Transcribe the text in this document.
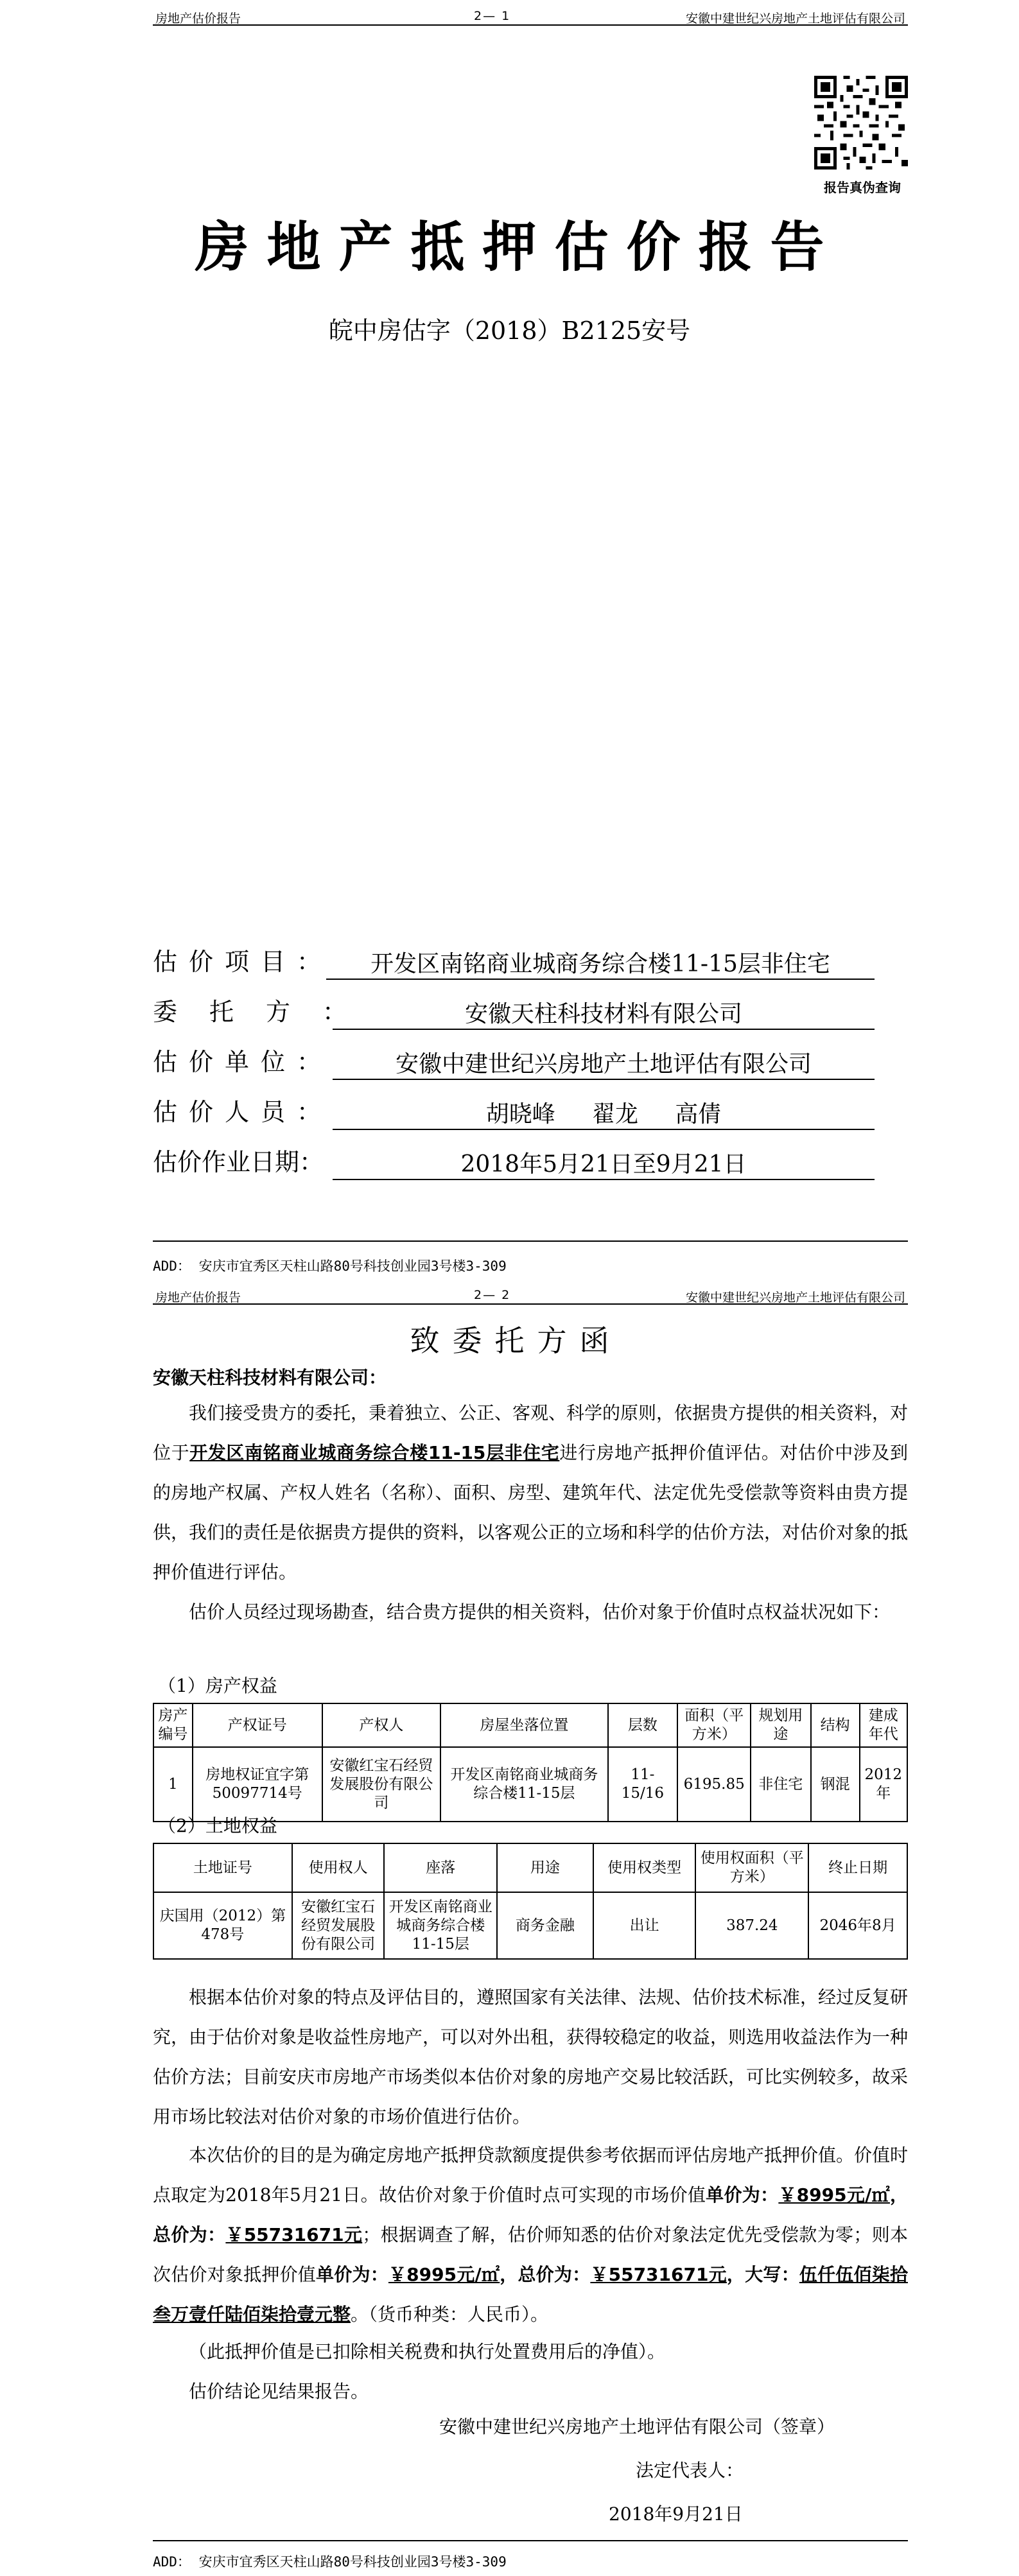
房地产估价报告	2— 1	安徽中建世纪兴房地产土地评估有限公司
报告真伪查询
房地产抵押估价报告
皖中房估字（2018）B2125安号
估价项目：	开发区南铭商业城商务综合楼11-15层非住宅
委托方：	安徽天柱科技材料有限公司
估价单位：	安徽中建世纪兴房地产土地评估有限公司
估价人员：	胡晓峰     翟龙     高倩
估价作业日期：	2018年5月21日至9月21日
ADD： 安庆市宜秀区天柱山路80号科技创业园3号楼3-309
房地产估价报告	2— 2	安徽中建世纪兴房地产土地评估有限公司
致委托方函
安徽天柱科技材料有限公司：
我们接受贵方的委托，秉着独立、公正、客观、科学的原则，依据贵方提供的相关资料，对位于开发区南铭商业城商务综合楼11-15层非住宅进行房地产抵押价值评估。对估价中涉及到的房地产权属、产权人姓名（名称）、面积、房型、建筑年代、法定优先受偿款等资料由贵方提供，我们的责任是依据贵方提供的资料，以客观公正的立场和科学的估价方法，对估价对象的抵押价值进行评估。
估价人员经过现场勘查，结合贵方提供的相关资料，估价对象于价值时点权益状况如下：
（1）房产权益
房产编号	产权证号	产权人	房屋坐落位置	层数	面积（平方米）	规划用途	结构	建成年代
1	房地权证宜字第50097714号	安徽红宝石经贸发展股份有限公司	开发区南铭商业城商务综合楼11-15层	11-15/16	6195.85	非住宅	钢混	2012年
（2）土地权益
土地证号	使用权人	座落	用途	使用权类型	使用权面积（平方米）	终止日期
庆国用（2012）第478号	安徽红宝石经贸发展股份有限公司	开发区南铭商业城商务综合楼11-15层	商务金融	出让	387.24	2046年8月
根据本估价对象的特点及评估目的，遵照国家有关法律、法规、估价技术标准，经过反复研究，由于估价对象是收益性房地产，可以对外出租，获得较稳定的收益，则选用收益法作为一种估价方法；目前安庆市房地产市场类似本估价对象的房地产交易比较活跃，可比实例较多，故采用市场比较法对估价对象的市场价值进行估价。
本次估价的目的是为确定房地产抵押贷款额度提供参考依据而评估房地产抵押价值。价值时点取定为2018年5月21日。故估价对象于价值时点可实现的市场价值单价为：￥8995元/㎡，总价为：￥55731671元；根据调查了解，估价师知悉的估价对象法定优先受偿款为零；则本次估价对象抵押价值单价为：￥8995元/㎡，总价为：￥55731671元，大写：伍仟伍佰柒拾叁万壹仟陆佰柒拾壹元整。（货币种类：人民币）。
（此抵押价值是已扣除相关税费和执行处置费用后的净值）。
估价结论见结果报告。
安徽中建世纪兴房地产土地评估有限公司（签章）
法定代表人：
2018年9月21日
ADD： 安庆市宜秀区天柱山路80号科技创业园3号楼3-309
